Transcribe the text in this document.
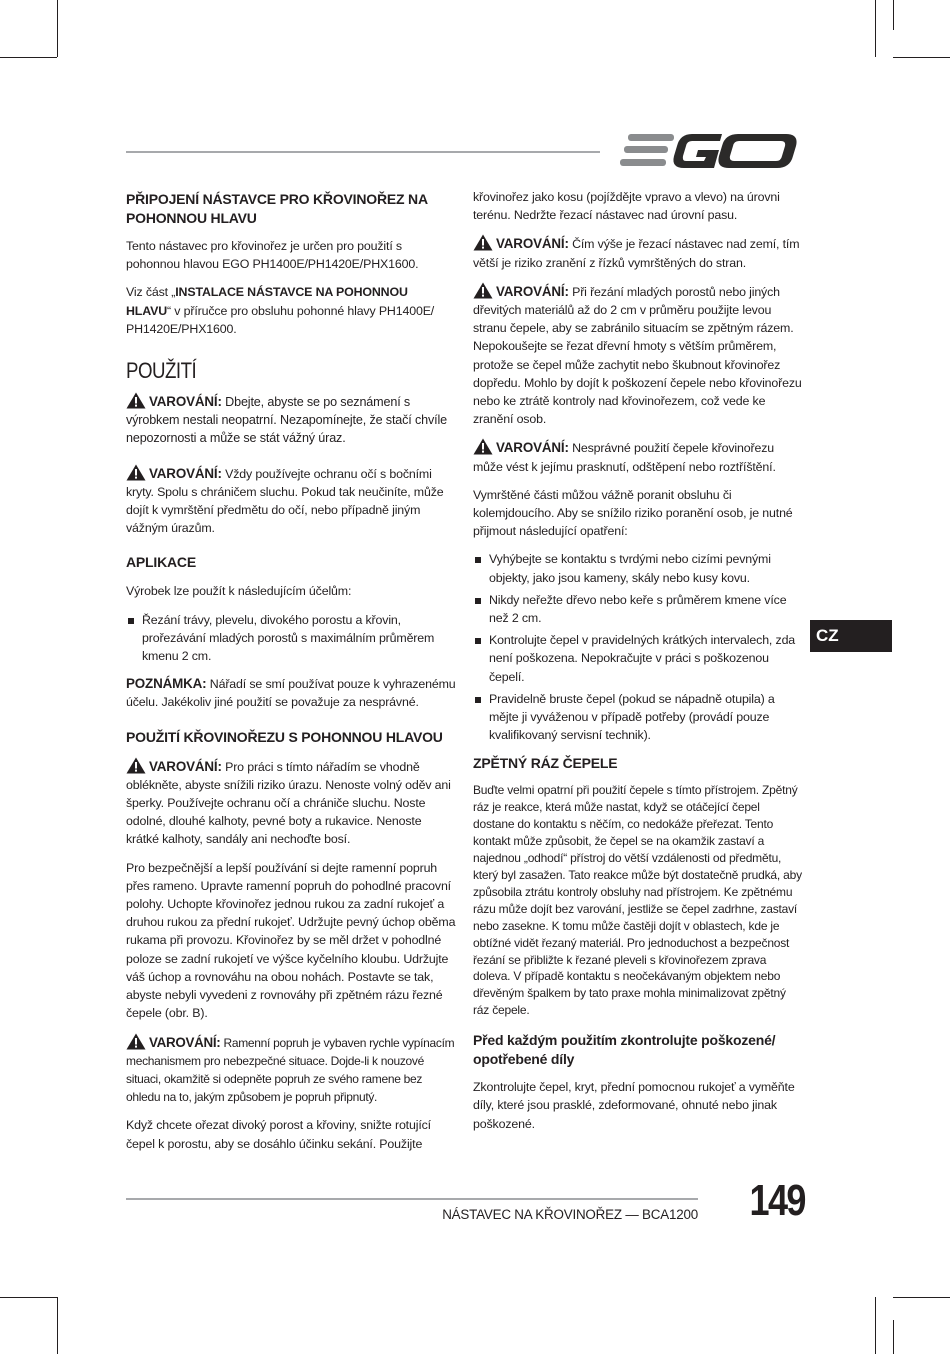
PŘIPOJENÍ NÁSTAVCE PRO KŘOVINOŘEZ NA POHONNOU HLAVU

Tento nástavec pro křovinořez je určen pro použití s pohonnou hlavou EGO PH1400E/PH1420E/PHX1600.

Viz část „INSTALACE NÁSTAVCE NA POHONNOU HLAVU“ v příručce pro obsluhu pohonné hlavy PH1400E/ PH1420E/PHX1600.

POUŽITÍ

VAROVÁNÍ: Dbejte, abyste se po seznámení s výrobkem nestali neopatrní. Nezapomínejte, že stačí chvíle nepozornosti a může se stát vážný úraz.

VAROVÁNÍ: Vždy používejte ochranu očí s bočními kryty. Spolu s chráničem sluchu. Pokud tak neučiníte, může dojít k vymrštění předmětu do očí, nebo případně jiným vážným úrazům.

APLIKACE

Výrobek lze použít k následujícím účelům:

Řezání trávy, plevelu, divokého porostu a křovin, prořezávání mladých porostů s maximálním průměrem kmenu 2 cm.

POZNÁMKA: Nářadí se smí používat pouze k vyhrazenému účelu. Jakékoliv jiné použití se považuje za nesprávné.

POUŽITÍ KŘOVINOŘEZU S POHONNOU HLAVOU

VAROVÁNÍ: Pro práci s tímto nářadím se vhodně oblékněte, abyste snížili riziko úrazu. Nenoste volný oděv ani šperky. Používejte ochranu očí a chrániče sluchu. Noste odolné, dlouhé kalhoty, pevné boty a rukavice. Nenoste krátké kalhoty, sandály ani nechoďte bosí.

Pro bezpečnější a lepší používání si dejte ramenní popruh přes rameno. Upravte ramenní popruh do pohodlné pracovní polohy. Uchopte křovinořez jednou rukou za zadní rukojeť a druhou rukou za přední rukojeť. Udržujte pevný úchop oběma rukama při provozu. Křovinořez by se měl držet v pohodlné poloze se zadní rukojetí ve výšce kyčelního kloubu. Udržujte váš úchop a rovnováhu na obou nohách. Postavte se tak, abyste nebyli vyvedeni z rovnováhy při zpětném rázu řezné čepele (obr. B).

VAROVÁNÍ: Ramenní popruh je vybaven rychle vypínacím mechanismem pro nebezpečné situace. Dojde-li k nouzové situaci, okamžitě si odepněte popruh ze svého ramene bez ohledu na to, jakým způsobem je popruh připnutý.

Když chcete ořezat divoký porost a křoviny, snižte rotující čepel k porostu, aby se dosáhlo účinku sekání. Použijte

křovinořez jako kosu (pojíždějte vpravo a vlevo) na úrovni terénu. Nedržte řezací nástavec nad úrovní pasu.

VAROVÁNÍ: Čím výše je řezací nástavec nad zemí, tím větší je riziko zranění z řízků vymrštěných do stran.

VAROVÁNÍ: Při řezání mladých porostů nebo jiných dřevitých materiálů až do 2 cm v průměru použijte levou stranu čepele, aby se zabránilo situacím se zpětným rázem. Nepokoušejte se řezat dřevní hmoty s větším průměrem, protože se čepel může zachytit nebo škubnout křovinořez dopředu. Mohlo by dojít k poškození čepele nebo křovinořezu nebo ke ztrátě kontroly nad křovinořezem, což vede ke zranění osob.

VAROVÁNÍ: Nesprávné použití čepele křovinořezu může vést k jejímu prasknutí, odštěpení nebo roztříštění.

Vymrštěné části můžou vážně poranit obsluhu či kolemjdoucího. Aby se snížilo riziko poranění osob, je nutné přijmout následující opatření:

Vyhýbejte se kontaktu s tvrdými nebo cizími pevnými objekty, jako jsou kameny, skály nebo kusy kovu.
Nikdy neřežte dřevo nebo keře s průměrem kmene více než 2 cm.
Kontrolujte čepel v pravidelných krátkých intervalech, zda není poškozena. Nepokračujte v práci s poškozenou čepelí.
Pravidelně bruste čepel (pokud se nápadně otupila) a mějte ji vyváženou v případě potřeby (provádí pouze kvalifikovaný servisní technik).
ZPĚTNÝ RÁZ ČEPELE

Buďte velmi opatrní při použití čepele s tímto přístrojem. Zpětný ráz je reakce, která může nastat, když se otáčející čepel dostane do kontaktu s něčím, co nedokáže přeřezat. Tento kontakt může způsobit, že čepel se na okamžik zastaví a najednou „odhodí“ přístroj do větší vzdálenosti od předmětu, který byl zasažen. Tato reakce může být dostatečně prudká, aby způsobila ztrátu kontroly obsluhy nad přístrojem. Ke zpětnému rázu může dojít bez varování, jestliže se čepel zadrhne, zastaví nebo zasekne. K tomu může častěji dojít v oblastech, kde je obtížné vidět řezaný materiál. Pro jednoduchost a bezpečnost řezání se přibližte k řezané pleveli s křovinořezem zprava doleva. V případě kontaktu s neočekávaným objektem nebo dřevěným špalkem by tato praxe mohla minimalizovat zpětný ráz čepele.

Před každým použitím zkontrolujte poškozené/ opotřebené díly

Zkontrolujte čepel, kryt, přední pomocnou rukojeť a vyměňte díly, které jsou prasklé, zdeformované, ohnuté nebo jinak poškozené.

CZ
NÁSTAVEC NA KŘOVINOŘEZ — BCA1200 149
